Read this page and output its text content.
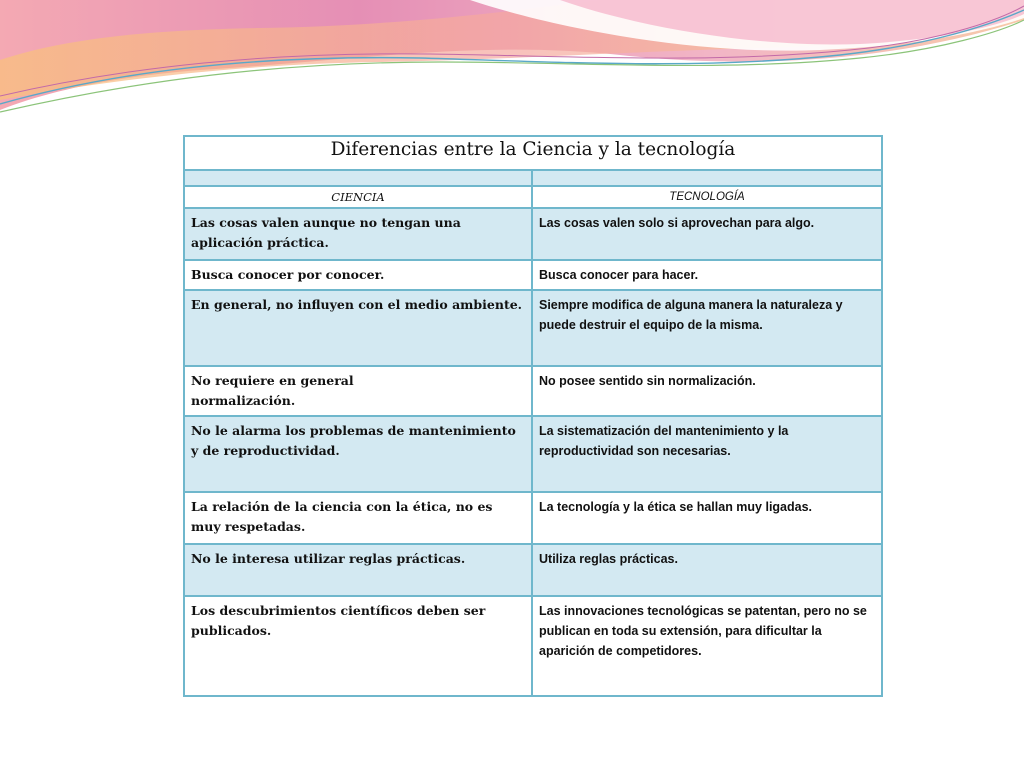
Diferencias entre la Ciencia y la tecnología	

CIENCIA	TECNOLOGÍA
Las cosas valen aunque no tengan una aplicación práctica.	Las cosas valen solo si aprovechan para algo.
Busca conocer por conocer.	Busca conocer para hacer.
En general, no influyen con el medio ambiente.	Siempre modifica de alguna manera la naturaleza y puede destruir el equipo de la misma.
No requiere en general normalización.	No posee sentido sin normalización.
No le alarma los problemas de mantenimiento y de reproductividad.	La sistematización del mantenimiento y la reproductividad son necesarias.
La relación de la ciencia con la ética, no es muy respetadas.	La tecnología y la ética se hallan muy ligadas.
No le interesa utilizar reglas prácticas.	Utiliza reglas prácticas.
Los descubrimientos científicos deben ser publicados.	Las innovaciones tecnológicas se patentan, pero no se publican en toda su extensión, para dificultar la aparición de competidores.
